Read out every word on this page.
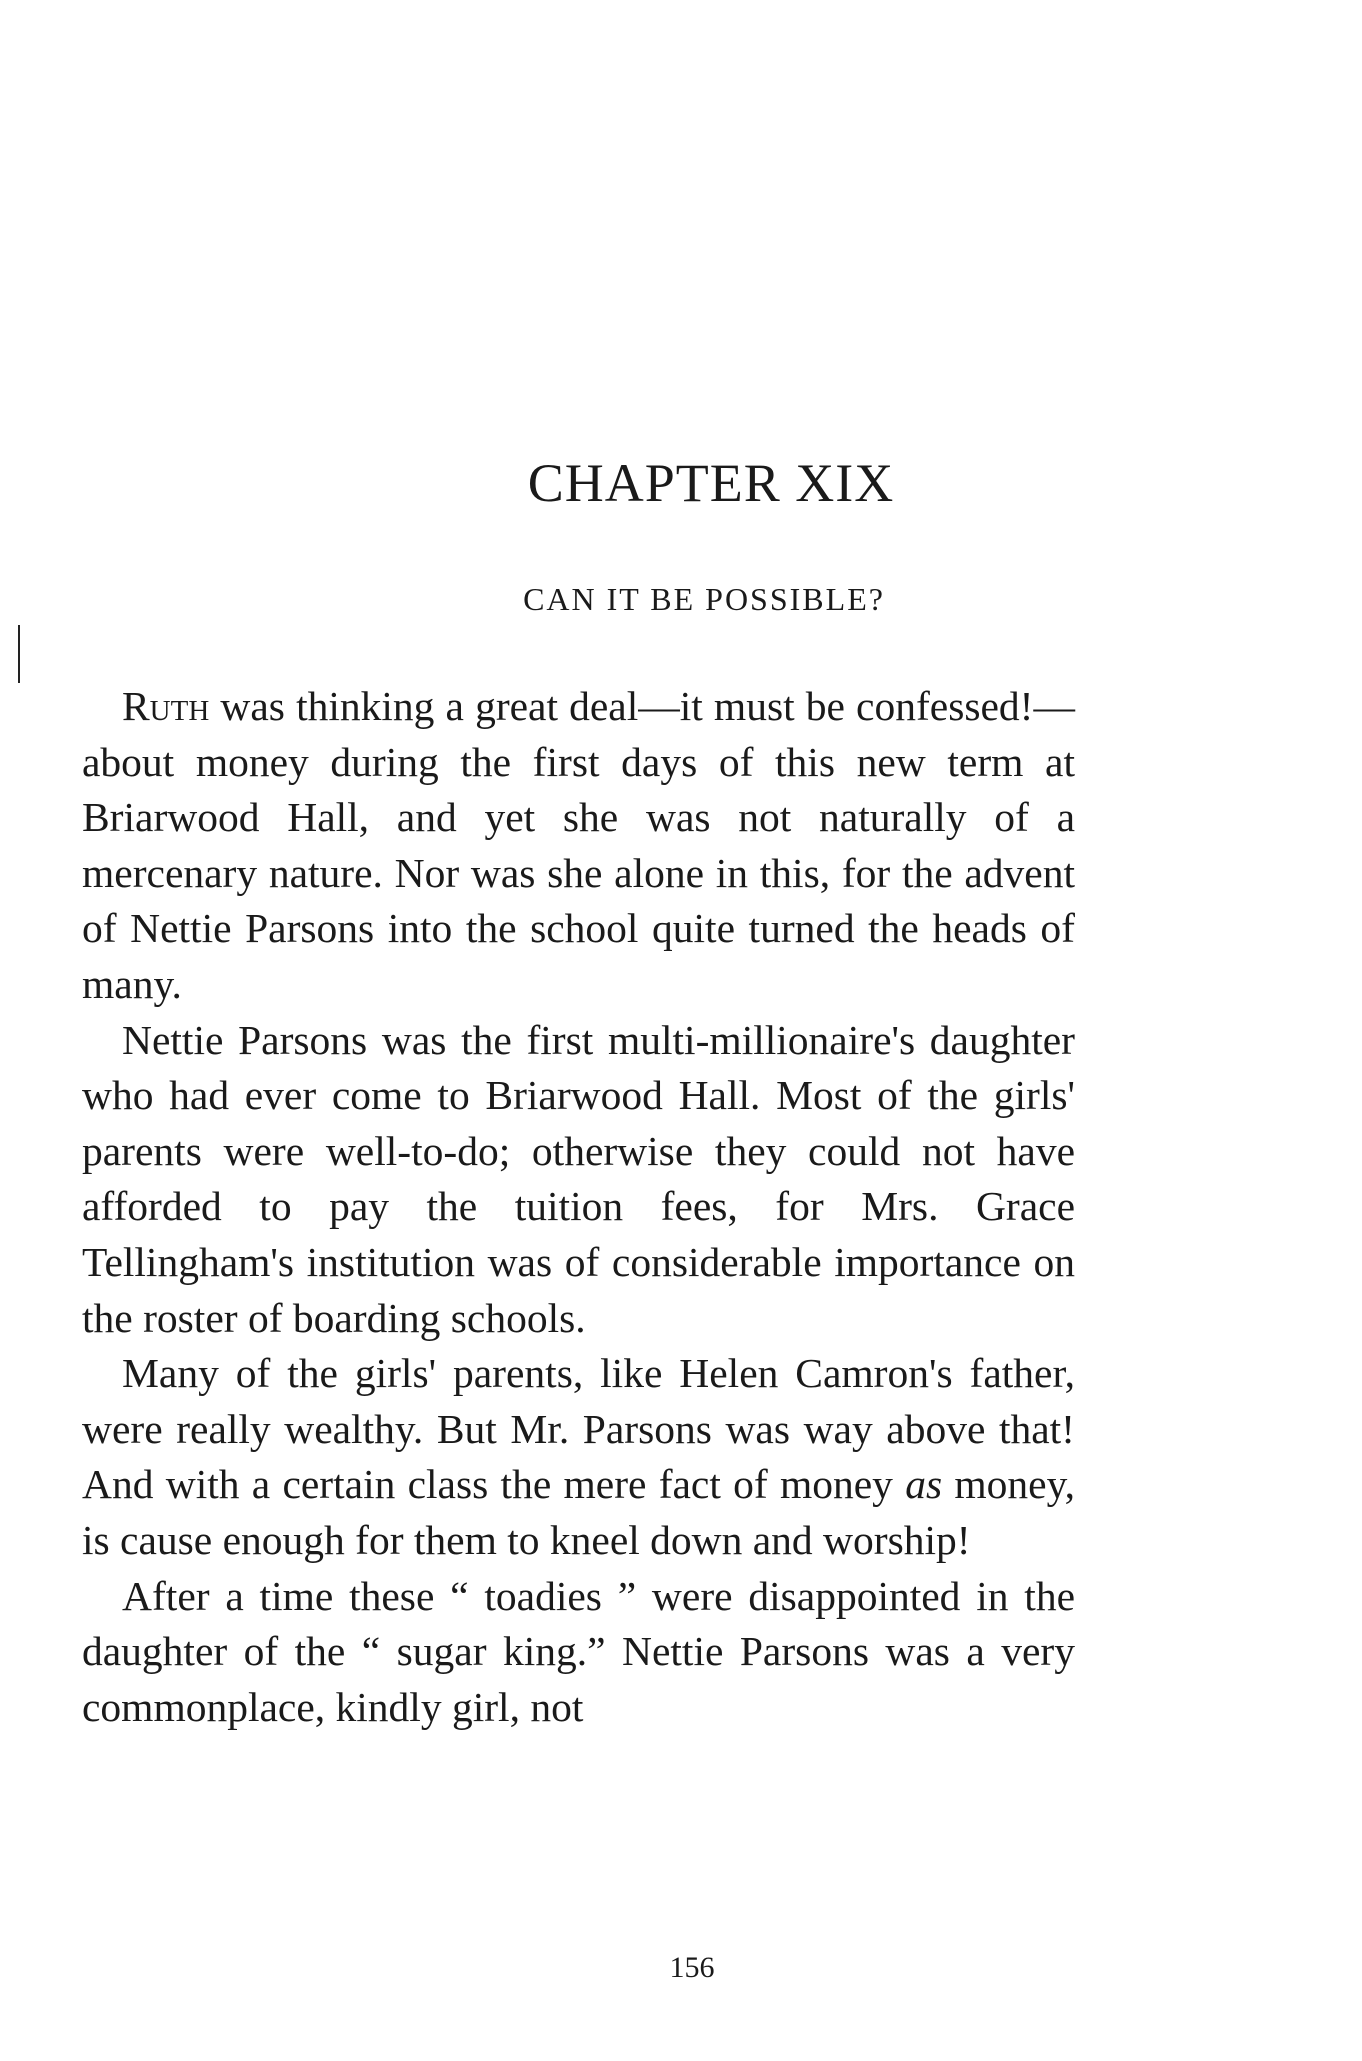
CHAPTER XIX
CAN IT BE POSSIBLE?

Ruth was thinking a great deal—it must be confessed!—about money during the first days of this new term at Briarwood Hall, and yet she was not naturally of a mercenary nature. Nor was she alone in this, for the advent of Nettie Parsons into the school quite turned the heads of many.

Nettie Parsons was the first multi-millionaire's daughter who had ever come to Briarwood Hall. Most of the girls' parents were well-to-do; otherwise they could not have afforded to pay the tuition fees, for Mrs. Grace Tellingham's institution was of considerable importance on the roster of boarding schools.

Many of the girls' parents, like Helen Camron's father, were really wealthy. But Mr. Parsons was way above that! And with a certain class the mere fact of money as money, is cause enough for them to kneel down and worship!

After a time these “ toadies ” were disappointed in the daughter of the “ sugar king.” Nettie Parsons was a very commonplace, kindly girl, not

156
